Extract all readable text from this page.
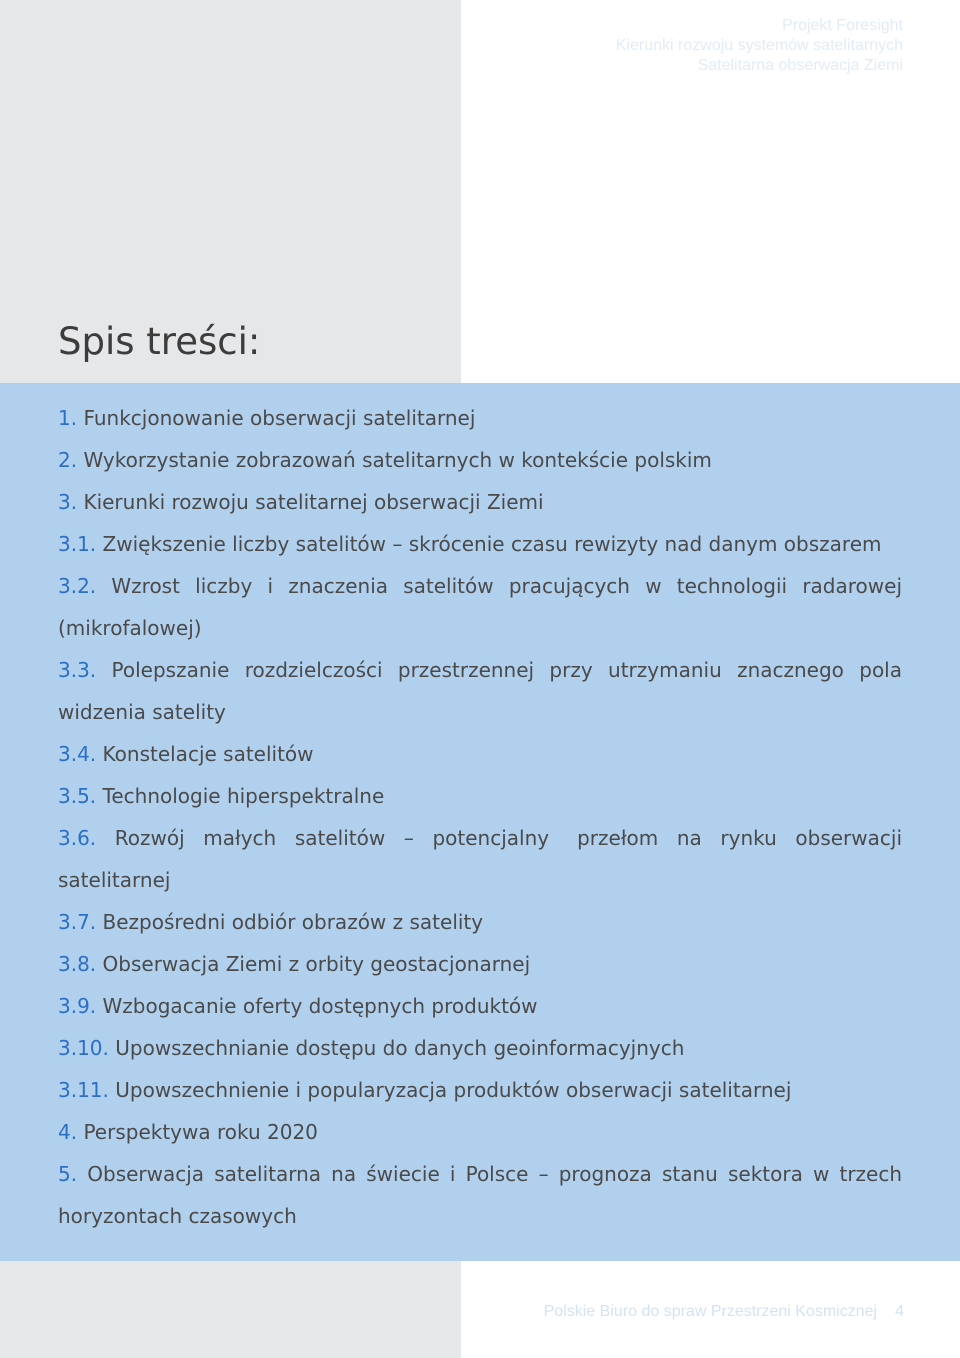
Projekt Foresight
Kierunki rozwoju systemów satelitarnych
Satelitarna obserwacja Ziemi
Spis treści:
1. Funkcjonowanie obserwacji satelitarnej
2. Wykorzystanie zobrazowań satelitarnych w kontekście polskim
3. Kierunki rozwoju satelitarnej obserwacji Ziemi
3.1. Zwiększenie liczby satelitów – skrócenie czasu rewizyty nad danym obszarem
3.2. Wzrost liczby i znaczenia satelitów pracujących w technologii radarowej
(mikrofalowej)
3.3. Polepszanie rozdzielczości przestrzennej przy utrzymaniu znacznego pola
widzenia satelity
3.4. Konstelacje satelitów
3.5. Technologie hiperspektralne
3.6. Rozwój małych satelitów – potencjalny przełom na rynku obserwacji
satelitarnej
3.7. Bezpośredni odbiór obrazów z satelity
3.8. Obserwacja Ziemi z orbity geostacjonarnej
3.9. Wzbogacanie oferty dostępnych produktów
3.10. Upowszechnianie dostępu do danych geoinformacyjnych
3.11. Upowszechnienie i popularyzacja produktów obserwacji satelitarnej
4. Perspektywa roku 2020
5. Obserwacja satelitarna na świecie i Polsce – prognoza stanu sektora w trzech
horyzontach czasowych
Polskie Biuro do spraw Przestrzeni Kosmicznej 4
